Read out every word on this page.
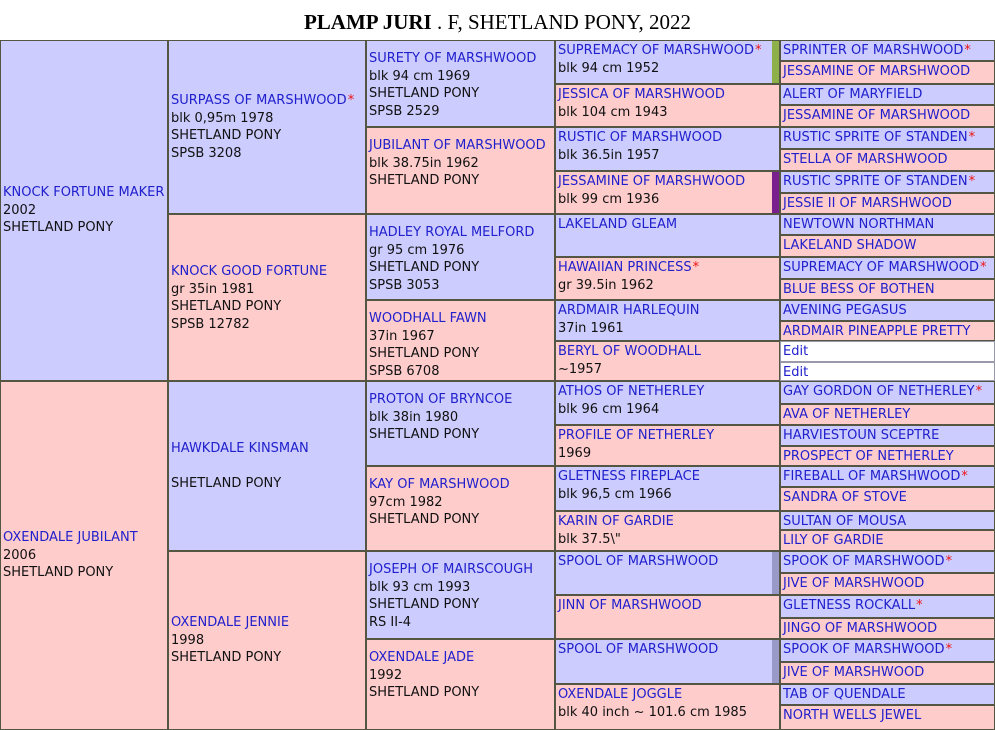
PLAMP JURI . F, SHETLAND PONY, 2022
KNOCK FORTUNE MAKER
2002
SHETLAND PONY
OXENDALE JUBILANT
2006
SHETLAND PONY
SURPASS OF MARSHWOOD*
blk 0,95m 1978
SHETLAND PONY
SPSB 3208
KNOCK GOOD FORTUNE
gr 35in 1981
SHETLAND PONY
SPSB 12782
HAWKDALE KINSMAN

SHETLAND PONY
OXENDALE JENNIE
1998
SHETLAND PONY
SURETY OF MARSHWOOD
blk 94 cm 1969
SHETLAND PONY
SPSB 2529
JUBILANT OF MARSHWOOD
blk 38.75in 1962
SHETLAND PONY
HADLEY ROYAL MELFORD
gr 95 cm 1976
SHETLAND PONY
SPSB 3053
WOODHALL FAWN
37in 1967
SHETLAND PONY
SPSB 6708
PROTON OF BRYNCOE
blk 38in 1980
SHETLAND PONY
KAY OF MARSHWOOD
97cm 1982
SHETLAND PONY
JOSEPH OF MAIRSCOUGH
blk 93 cm 1993
SHETLAND PONY
RS II-4
OXENDALE JADE
1992
SHETLAND PONY
SUPREMACY OF MARSHWOOD*
blk 94 cm 1952
JESSICA OF MARSHWOOD
blk 104 cm 1943
RUSTIC OF MARSHWOOD
blk 36.5in 1957
JESSAMINE OF MARSHWOOD
blk 99 cm 1936
LAKELAND GLEAM
HAWAIIAN PRINCESS*
gr 39.5in 1962
ARDMAIR HARLEQUIN
37in 1961
BERYL OF WOODHALL
~1957
ATHOS OF NETHERLEY
blk 96 cm 1964
PROFILE OF NETHERLEY
1969
GLETNESS FIREPLACE
blk 96,5 cm 1966
KARIN OF GARDIE
blk 37.5\"
SPOOL OF MARSHWOOD
JINN OF MARSHWOOD
SPOOL OF MARSHWOOD
OXENDALE JOGGLE
blk 40 inch ~ 101.6 cm 1985
SPRINTER OF MARSHWOOD*
JESSAMINE OF MARSHWOOD
ALERT OF MARYFIELD
JESSAMINE OF MARSHWOOD
RUSTIC SPRITE OF STANDEN*
STELLA OF MARSHWOOD
RUSTIC SPRITE OF STANDEN*
JESSIE II OF MARSHWOOD
NEWTOWN NORTHMAN
LAKELAND SHADOW
SUPREMACY OF MARSHWOOD*
BLUE BESS OF BOTHEN
AVENING PEGASUS
ARDMAIR PINEAPPLE PRETTY
Edit
Edit
GAY GORDON OF NETHERLEY*
AVA OF NETHERLEY
HARVIESTOUN SCEPTRE
PROSPECT OF NETHERLEY
FIREBALL OF MARSHWOOD*
SANDRA OF STOVE
SULTAN OF MOUSA
LILY OF GARDIE
SPOOK OF MARSHWOOD*
JIVE OF MARSHWOOD
GLETNESS ROCKALL*
JINGO OF MARSHWOOD
SPOOK OF MARSHWOOD*
JIVE OF MARSHWOOD
TAB OF QUENDALE
NORTH WELLS JEWEL
